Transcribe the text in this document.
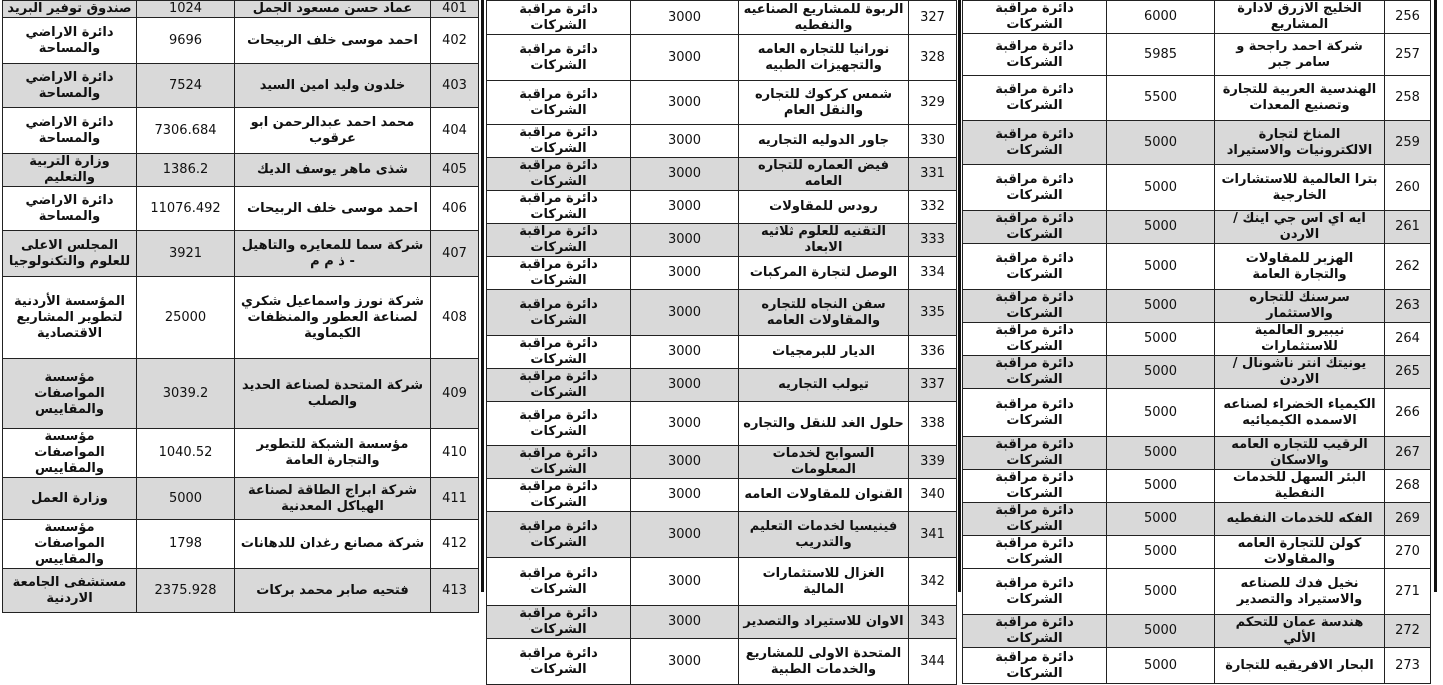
401	عماد حسن مسعود الجمل	1024	صندوق توفير البريد
402	احمد موسى خلف الربيحات	9696	دائرة الاراضي والمساحة
403	خلدون وليد امين السيد	7524	دائرة الاراضي والمساحة
404	محمد احمد عبدالرحمن ابو عرقوب	7306.684	دائرة الاراضي والمساحة
405	شذى ماهر يوسف الديك	1386.2	وزارة التربية والتعليم
406	احمد موسى خلف الربيحات	11076.492	دائرة الاراضي والمساحة
407	شركة سما للمعايره والتاهيل - ذ م م	3921	المجلس الاعلى للعلوم والتكنولوجيا
408	شركة نورز واسماعيل شكري لصناعة العطور والمنظفات الكيماوية	25000	المؤسسة الأردنية لتطوير المشاريع الاقتصادية
409	شركة المتحدة لصناعة الحديد والصلب	3039.2	مؤسسة المواصفات والمقاييس
410	مؤسسة الشبكة للتطوير والتجارة العامة	1040.52	مؤسسة المواصفات والمقاييس
411	شركة ابراج الطاقة لصناعة الهياكل المعدنية	5000	وزارة العمل
412	شركة مصانع رغدان للدهانات	1798	مؤسسة المواصفات والمقاييس
413	فتحيه صابر محمد بركات	2375.928	مستشفى الجامعة الاردنية
327	الربوة للمشاريع الصناعيه والنفطيه	3000	دائرة مراقبة الشركات
328	نورانيا للتجاره العامه والتجهيزات الطبيه	3000	دائرة مراقبة الشركات
329	شمس كركوك للتجاره والنقل العام	3000	دائرة مراقبة الشركات
330	جاور الدوليه التجاريه	3000	دائرة مراقبة الشركات
331	فيض العماره للتجاره العامه	3000	دائرة مراقبة الشركات
332	رودس للمقاولات	3000	دائرة مراقبة الشركات
333	التقنيه للعلوم ثلاثيه الابعاد	3000	دائرة مراقبة الشركات
334	الوصل لتجارة المركبات	3000	دائرة مراقبة الشركات
335	سفن النجاه للتجاره والمقاولات العامه	3000	دائرة مراقبة الشركات
336	الديار للبرمجيات	3000	دائرة مراقبة الشركات
337	تيولب التجاريه	3000	دائرة مراقبة الشركات
338	حلول الغد للنقل والتجاره	3000	دائرة مراقبة الشركات
339	السوابح لخدمات المعلومات	3000	دائرة مراقبة الشركات
340	القنوان للمقاولات العامه	3000	دائرة مراقبة الشركات
341	فينيسيا لخدمات التعليم والتدريب	3000	دائرة مراقبة الشركات
342	الغزال للاستثمارات المالية	3000	دائرة مراقبة الشركات
343	الاوان للاستيراد والتصدير	3000	دائرة مراقبة الشركات
344	المتحدة الاولى للمشاريع والخدمات الطبية	3000	دائرة مراقبة الشركات
256	الخليج الازرق لادارة المشاريع	6000	دائرة مراقبة الشركات
257	شركة احمد راجحة و سامر جبر	5985	دائرة مراقبة الشركات
258	الهندسية العربية للتجارة وتصنيع المعدات	5500	دائرة مراقبة الشركات
259	المناخ لتجارة الالكترونيات والاستيراد	5000	دائرة مراقبة الشركات
260	بترا العالمية للاستشارات الخارجية	5000	دائرة مراقبة الشركات
261	ايه اي اس جي اينك / الاردن	5000	دائرة مراقبة الشركات
262	الهزبر للمقاولات والتجارة العامة	5000	دائرة مراقبة الشركات
263	سرسنك للتجاره والاستثمار	5000	دائرة مراقبة الشركات
264	نيبيرو العالمية للاستثمارات	5000	دائرة مراقبة الشركات
265	يونيتك انتر ناشونال /الاردن	5000	دائرة مراقبة الشركات
266	الكيمياء الخضراء لصناعه الاسمده الكيميائيه	5000	دائرة مراقبة الشركات
267	الرقيب للتجاره العامه والاسكان	5000	دائرة مراقبة الشركات
268	البئر السهل للخدمات النفطية	5000	دائرة مراقبة الشركات
269	الفكه للخدمات النفطيه	5000	دائرة مراقبة الشركات
270	كولن للتجارة العامه والمقاولات	5000	دائرة مراقبة الشركات
271	نخيل فدك للصناعه والاستيراد والتصدير	5000	دائرة مراقبة الشركات
272	هندسة عمان للتحكم الألي	5000	دائرة مراقبة الشركات
273	البحار الافريقيه للتجارة	5000	دائرة مراقبة الشركات
